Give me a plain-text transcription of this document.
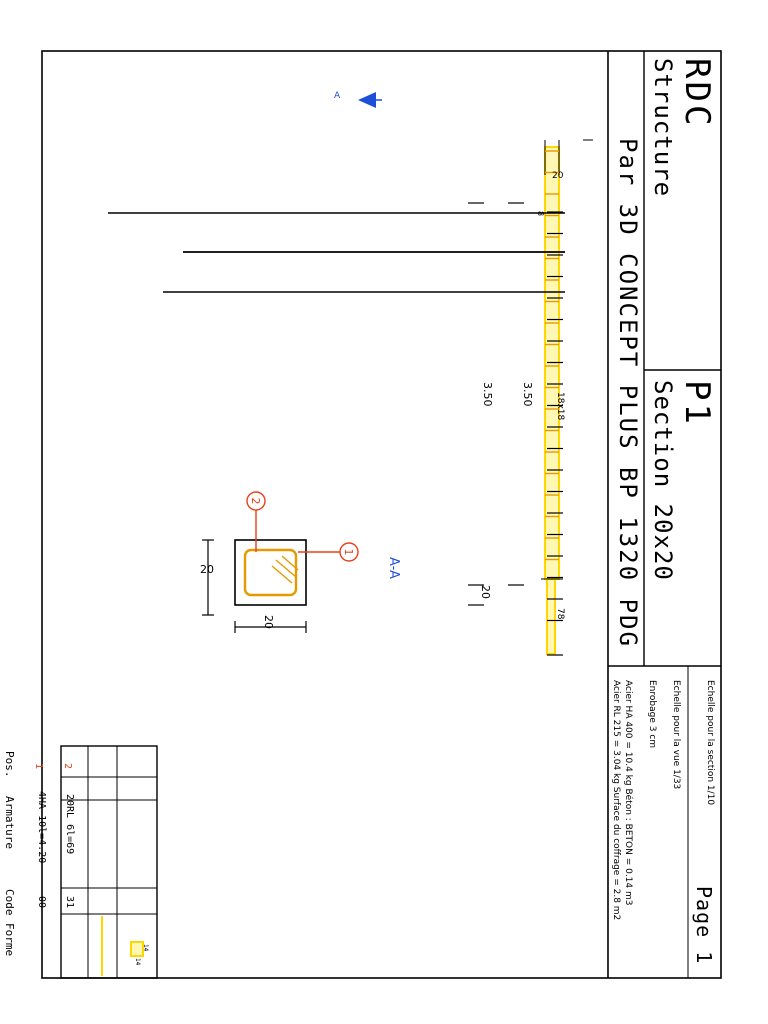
A
20
8
18x18
78
3.50
3.50
20
20
20
1
2
A-A
RDC
Structure
P1
Section 20x20
Par 3D CONCEPT PLUS BP 1320 PDG
Acier HA 400 = 10.4 kg Béton : BETON = 0.14 m3
Acier RL 215 = 3.04 kg Surface du coffrage = 2.8 m2	Enrobage 3 cm Echelle pour la vue 1/33	Echelle pour la section 1/10
Page 1
Pos.
Armature
Code
Forme
4HA 10l=4.20
00
20RL 6l=69
31
1 2
14
14
